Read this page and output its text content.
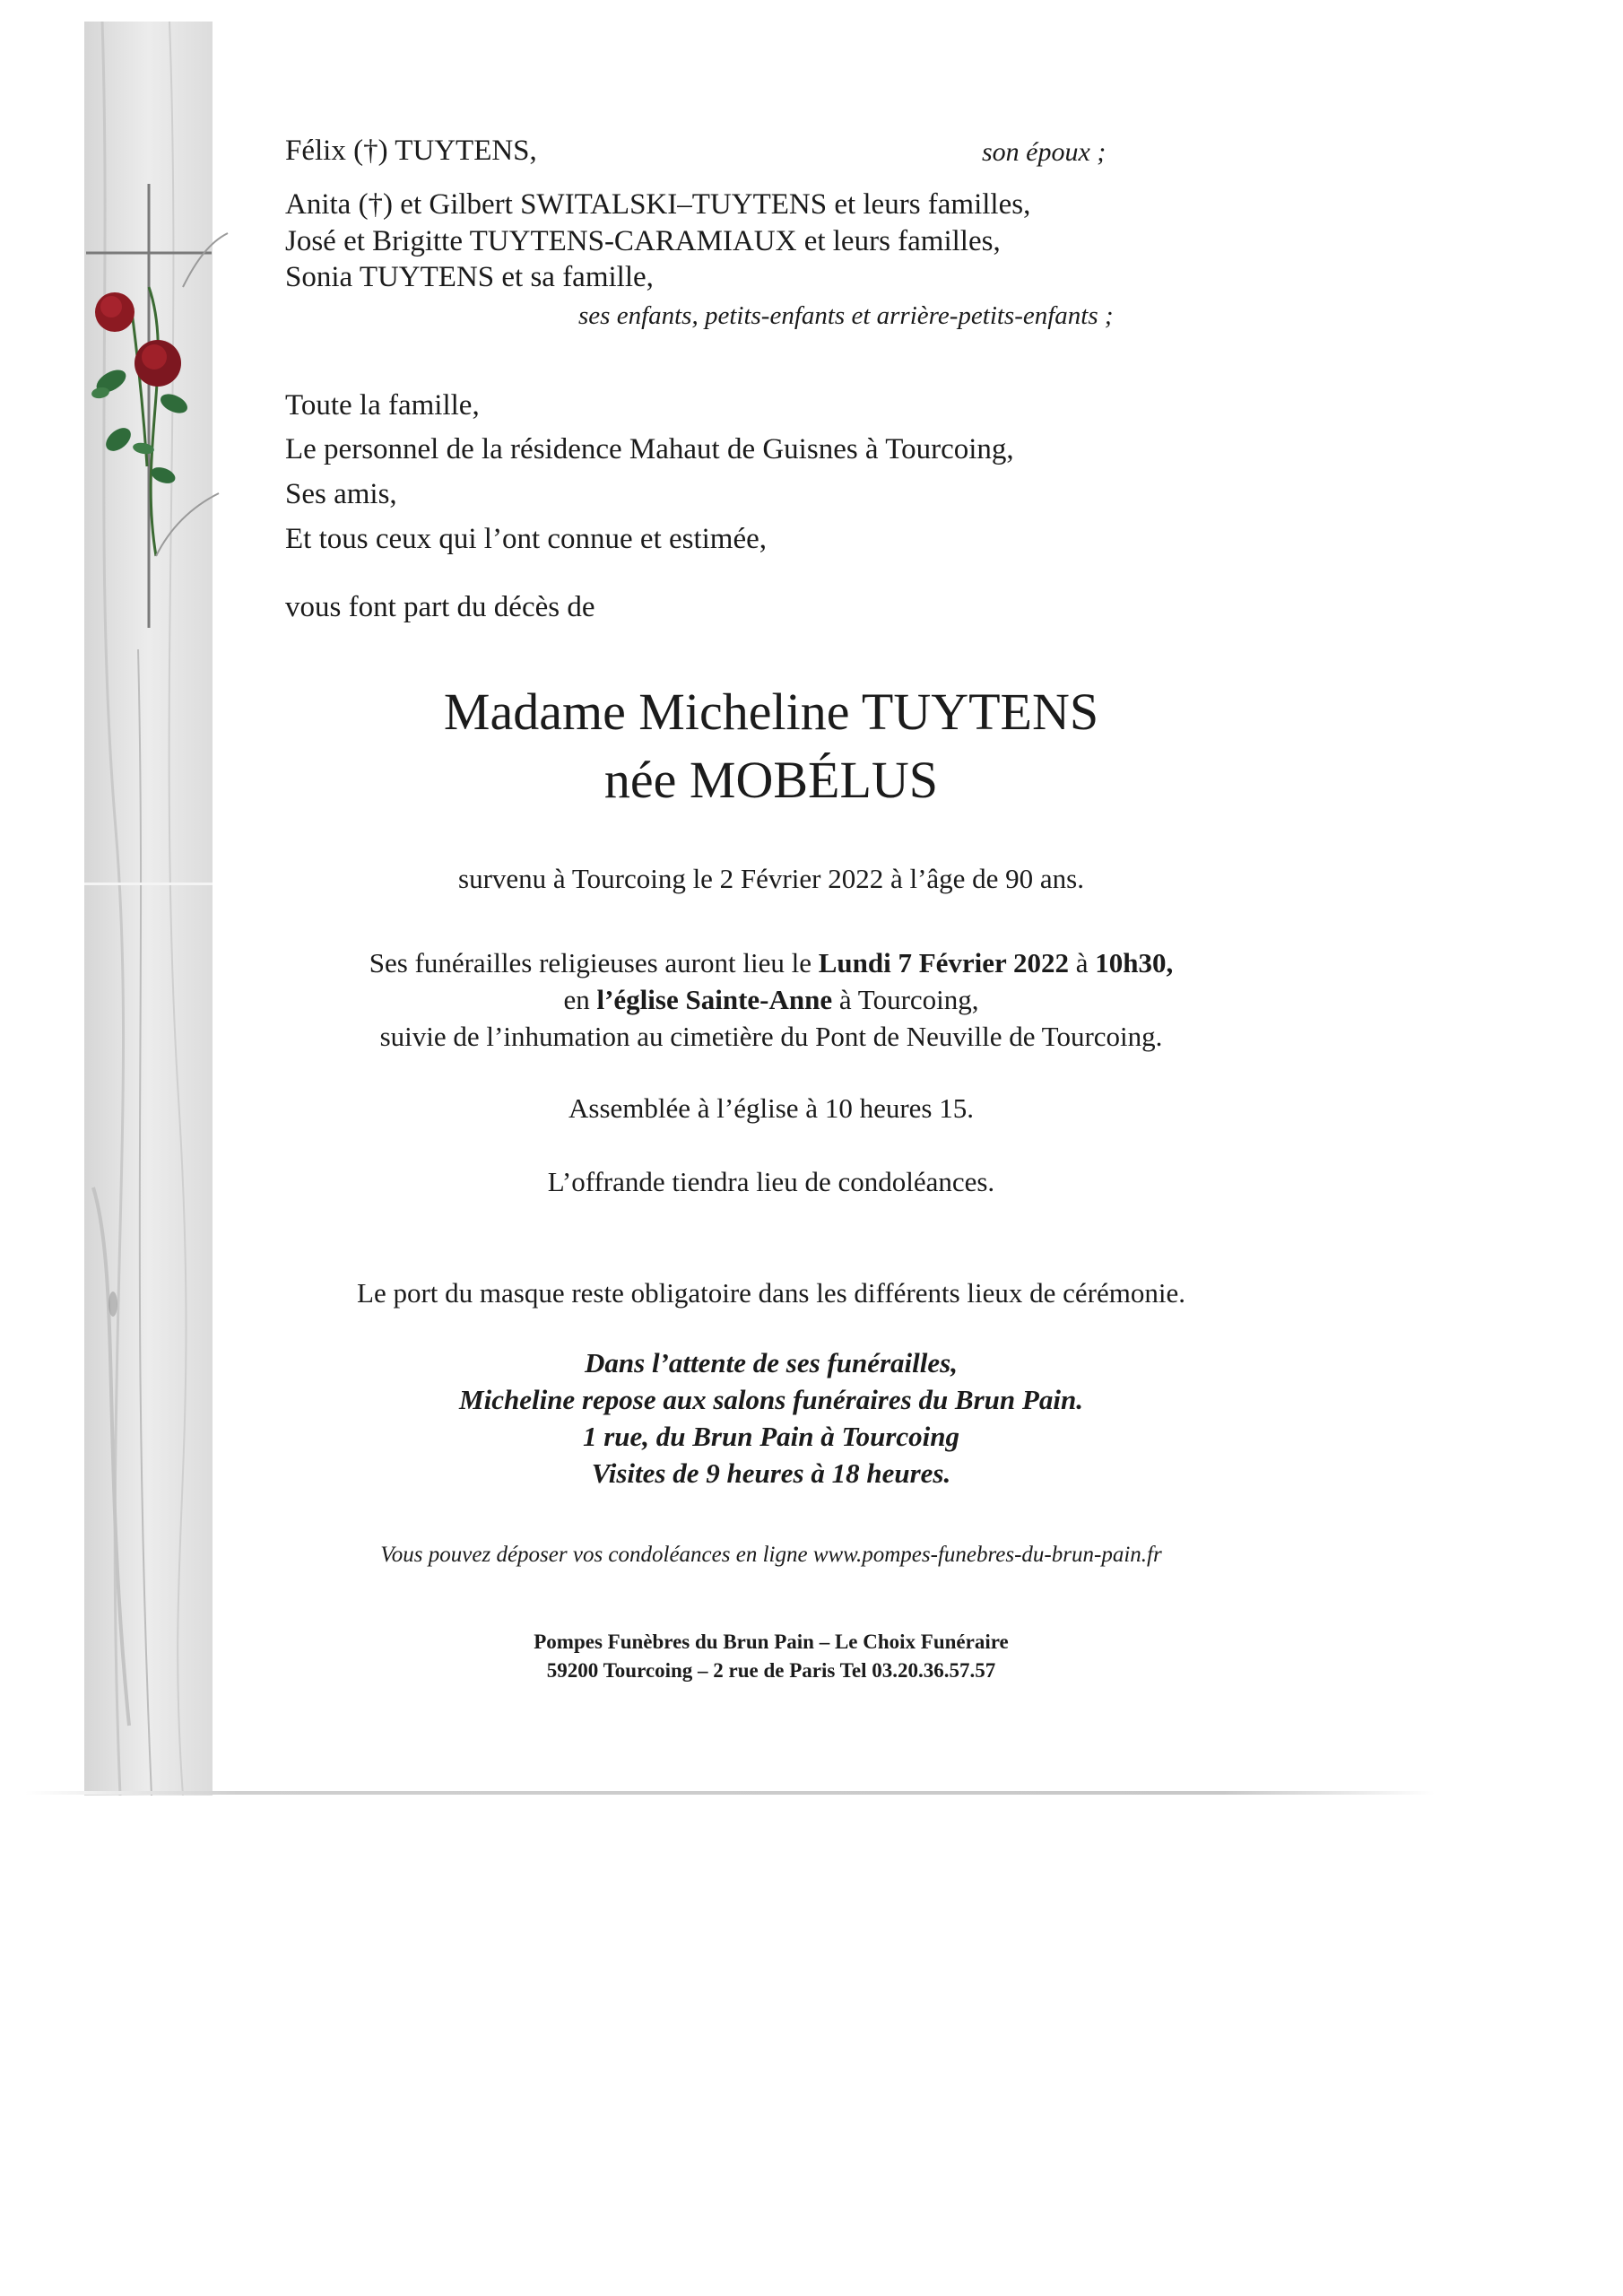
Félix (†) TUYTENS,	son époux ;

Anita (†) et Gilbert SWITALSKI–TUYTENS et leurs familles,

José et Brigitte TUYTENS-CARAMIAUX et leurs familles,

Sonia TUYTENS et sa famille,

ses enfants, petits-enfants et arrière-petits-enfants ;

Toute la famille,

Le personnel de la résidence Mahaut de Guisnes à Tourcoing,

Ses amis,

Et tous ceux qui l’ont connue et estimée,

vous font part du décès de

Madame Micheline TUYTENS

née MOBÉLUS

survenu à Tourcoing le 2 Février 2022 à l’âge de 90 ans.

Ses funérailles religieuses auront lieu le Lundi 7 Février 2022 à 10h30,

en l’église Sainte-Anne à Tourcoing,

suivie de l’inhumation au cimetière du Pont de Neuville de Tourcoing.

Assemblée à l’église à 10 heures 15.

L’offrande tiendra lieu de condoléances.

Le port du masque reste obligatoire dans les différents lieux de cérémonie.

Dans l’attente de ses funérailles,

Micheline repose aux salons funéraires du Brun Pain.

1 rue, du Brun Pain à Tourcoing

Visites de 9 heures à 18 heures.

Vous pouvez déposer vos condoléances en ligne www.pompes-funebres-du-brun-pain.fr

Pompes Funèbres du Brun Pain – Le Choix Funéraire

59200 Tourcoing – 2 rue de Paris Tel 03.20.36.57.57
